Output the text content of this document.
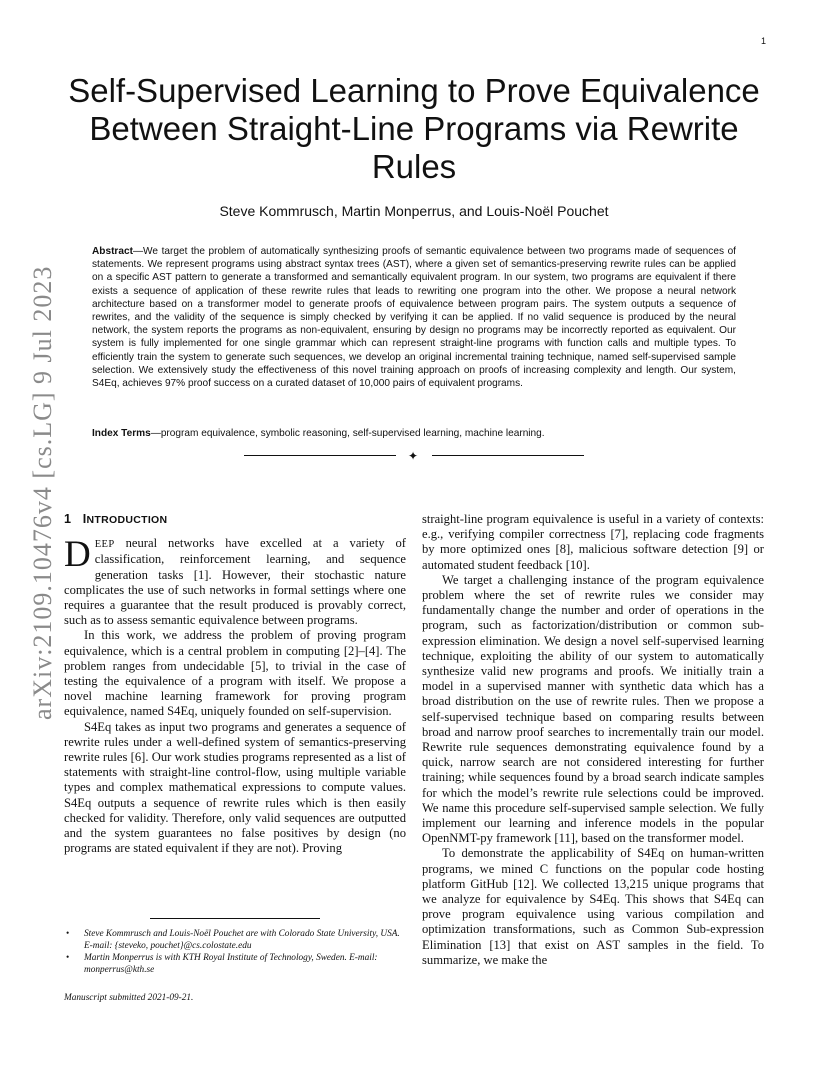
1
arXiv:2109.10476v4 [cs.LG] 9 Jul 2023
Self-Supervised Learning to Prove Equivalence Between Straight-Line Programs via Rewrite Rules
Steve Kommrusch, Martin Monperrus, and Louis-Noël Pouchet

Abstract—We target the problem of automatically synthesizing proofs of semantic equivalence between two programs made of sequences of statements. We represent programs using abstract syntax trees (AST), where a given set of semantics-preserving rewrite rules can be applied on a specific AST pattern to generate a transformed and semantically equivalent program. In our system, two programs are equivalent if there exists a sequence of application of these rewrite rules that leads to rewriting one program into the other. We propose a neural network architecture based on a transformer model to generate proofs of equivalence between program pairs. The system outputs a sequence of rewrites, and the validity of the sequence is simply checked by verifying it can be applied. If no valid sequence is produced by the neural network, the system reports the programs as non-equivalent, ensuring by design no programs may be incorrectly reported as equivalent. Our system is fully implemented for one single grammar which can represent straight-line programs with function calls and multiple types. To efficiently train the system to generate such sequences, we develop an original incremental training technique, named self-supervised sample selection. We extensively study the effectiveness of this novel training approach on proofs of increasing complexity and length. Our system, S4Eq, achieves 97% proof success on a curated dataset of 10,000 pairs of equivalent programs.

Index Terms—program equivalence, symbolic reasoning, self-supervised learning, machine learning.

✦
1 INTRODUCTION

DEEP neural networks have excelled at a variety of classification, reinforcement learning, and sequence generation tasks [1]. However, their stochastic nature complicates the use of such networks in formal settings where one requires a guarantee that the result produced is provably correct, such as to assess semantic equivalence between programs.

In this work, we address the problem of proving program equivalence, which is a central problem in computing [2]–[4]. The problem ranges from undecidable [5], to trivial in the case of testing the equivalence of a program with itself. We propose a novel machine learning framework for proving program equivalence, named S4Eq, uniquely founded on self-supervision.

S4Eq takes as input two programs and generates a sequence of rewrite rules under a well-defined system of semantics-preserving rewrite rules [6]. Our work studies programs represented as a list of statements with straight-line control-flow, using multiple variable types and complex mathematical expressions to compute values. S4Eq outputs a sequence of rewrite rules which is then easily checked for validity. Therefore, only valid sequences are outputted and the system guarantees no false positives by design (no programs are stated equivalent if they are not). Proving

straight-line program equivalence is useful in a variety of contexts: e.g., verifying compiler correctness [7], replacing code fragments by more optimized ones [8], malicious software detection [9] or automated student feedback [10].

We target a challenging instance of the program equivalence problem where the set of rewrite rules we consider may fundamentally change the number and order of operations in the program, such as factorization/distribution or common sub-expression elimination. We design a novel self-supervised learning technique, exploiting the ability of our system to automatically synthesize valid new programs and proofs. We initially train a model in a supervised manner with synthetic data which has a broad distribution on the use of rewrite rules. Then we propose a self-supervised technique based on comparing results between broad and narrow proof searches to incrementally train our model. Rewrite rule sequences demonstrating equivalence found by a quick, narrow search are not considered interesting for further training; while sequences found by a broad search indicate samples for which the model’s rewrite rule selections could be improved. We name this procedure self-supervised sample selection. We fully implement our learning and inference models in the popular OpenNMT-py framework [11], based on the transformer model.

To demonstrate the applicability of S4Eq on human-written programs, we mined C functions on the popular code hosting platform GitHub [12]. We collected 13,215 unique programs that we analyze for equivalence by S4Eq. This shows that S4Eq can prove program equivalence using various compilation and optimization transformations, such as Common Sub-expression Elimination [13] that exist on AST samples in the field. To summarize, we make the

• Steve Kommrusch and Louis-Noël Pouchet are with Colorado State University, USA. E-mail: {steveko, pouchet}@cs.colostate.edu

• Martin Monperrus is with KTH Royal Institute of Technology, Sweden. E-mail: monperrus@kth.se

Manuscript submitted 2021-09-21.
